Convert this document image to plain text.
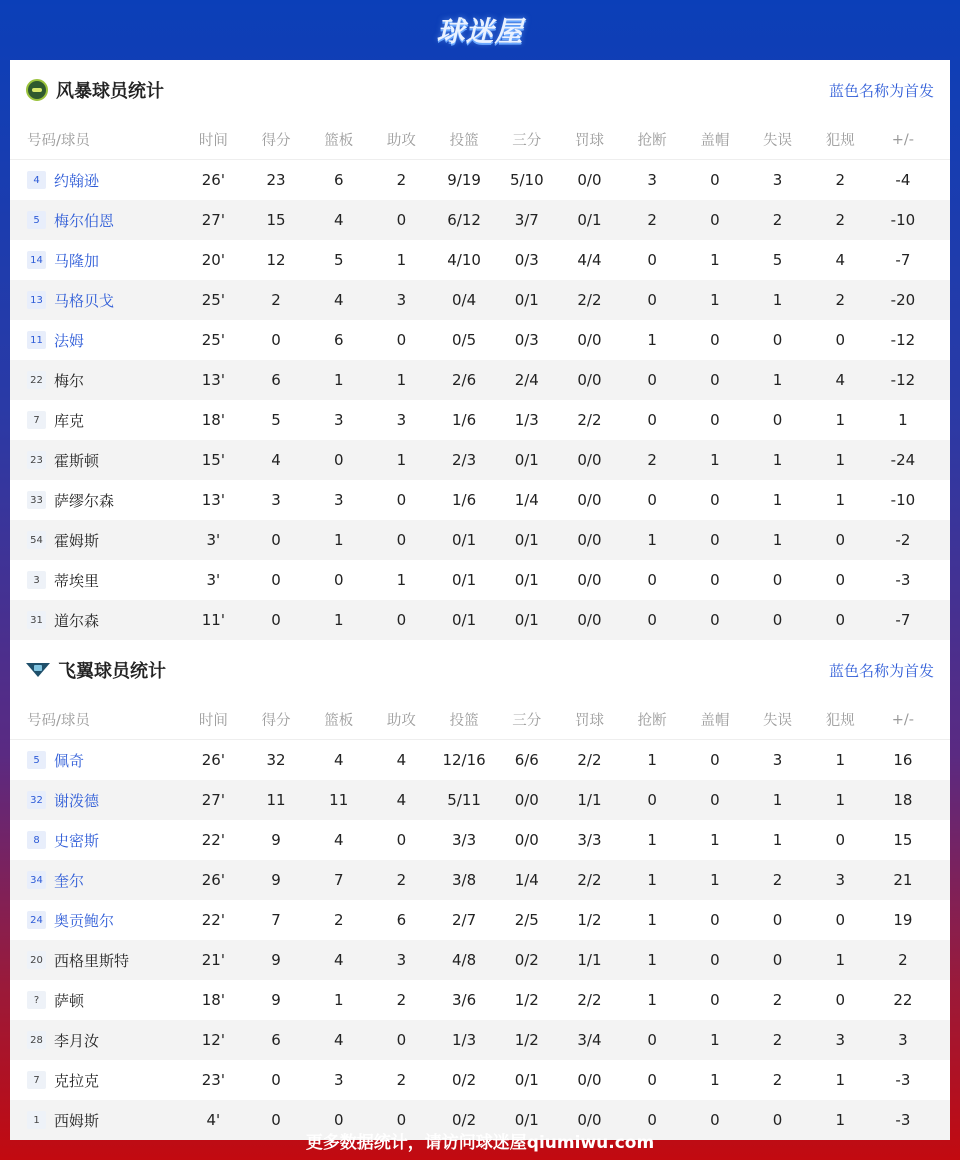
球迷屋
风暴球员统计	蓝色名称为首发
号码/球员	时间	得分	篮板	助攻	投篮	三分	罚球	抢断	盖帽	失误	犯规	+/-
4 约翰逊	26'	23	6	2	9/19	5/10	0/0	3	0	3	2	-4
5 梅尔伯恩	27'	15	4	0	6/12	3/7	0/1	2	0	2	2	-10
14 马隆加	20'	12	5	1	4/10	0/3	4/4	0	1	5	4	-7
13 马格贝戈	25'	2	4	3	0/4	0/1	2/2	0	1	1	2	-20
11 法姆	25'	0	6	0	0/5	0/3	0/0	1	0	0	0	-12
22 梅尔	13'	6	1	1	2/6	2/4	0/0	0	0	1	4	-12
7 库克	18'	5	3	3	1/6	1/3	2/2	0	0	0	1	1
23 霍斯顿	15'	4	0	1	2/3	0/1	0/0	2	1	1	1	-24
33 萨缪尔森	13'	3	3	0	1/6	1/4	0/0	0	0	1	1	-10
54 霍姆斯	3'	0	1	0	0/1	0/1	0/0	1	0	1	0	-2
3 蒂埃里	3'	0	0	1	0/1	0/1	0/0	0	0	0	0	-3
31 道尔森	11'	0	1	0	0/1	0/1	0/0	0	0	0	0	-7
飞翼球员统计	蓝色名称为首发
号码/球员	时间	得分	篮板	助攻	投篮	三分	罚球	抢断	盖帽	失误	犯规	+/-
5 佩奇	26'	32	4	4	12/16	6/6	2/2	1	0	3	1	16
32 谢泼德	27'	11	11	4	5/11	0/0	1/1	0	0	1	1	18
8 史密斯	22'	9	4	0	3/3	0/0	3/3	1	1	1	0	15
34 奎尔	26'	9	7	2	3/8	1/4	2/2	1	1	2	3	21
24 奥贡鲍尔	22'	7	2	6	2/7	2/5	1/2	1	0	0	0	19
20 西格里斯特	21'	9	4	3	4/8	0/2	1/1	1	0	0	1	2
? 萨顿	18'	9	1	2	3/6	1/2	2/2	1	0	2	0	22
28 李月汝	12'	6	4	0	1/3	1/2	3/4	0	1	2	3	3
7 克拉克	23'	0	3	2	0/2	0/1	0/0	0	1	2	1	-3
1 西姆斯	4'	0	0	0	0/2	0/1	0/0	0	0	0	1	-3
更多数据统计，请访问球迷屋qiumiwu.com
